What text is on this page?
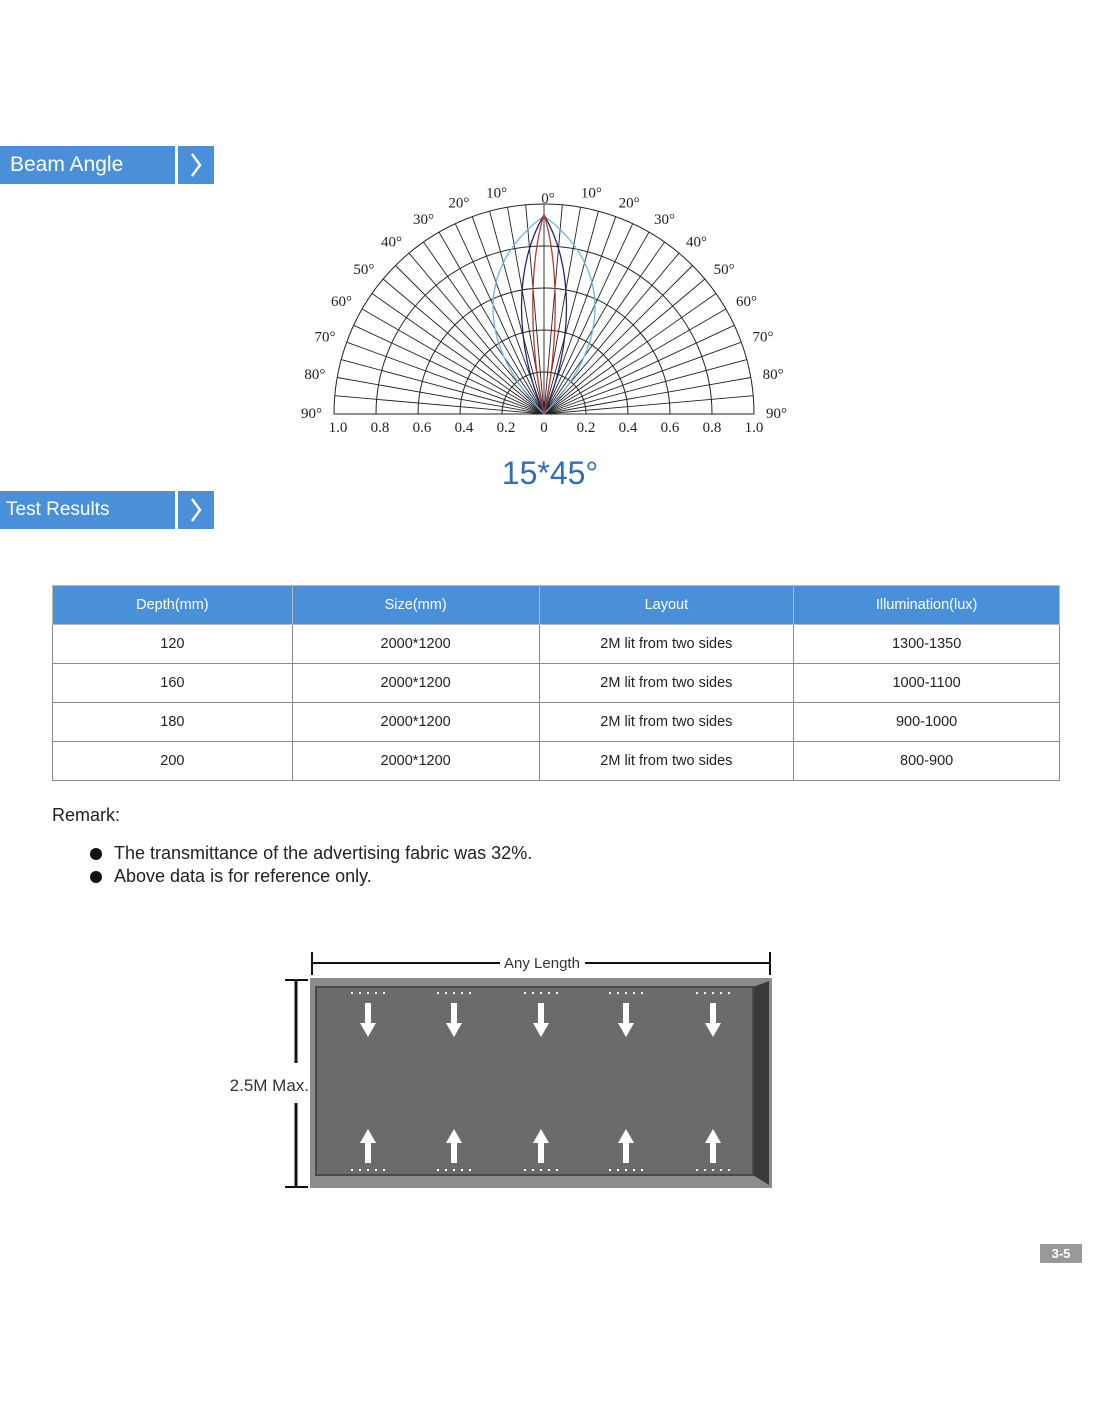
Beam Angle
0°
10°	10°
20°	20°
30°	30°
40°	40°
50°	50°
60°	60°
70°	70°
80°	80°
90°	90°
1.0 0.8 0.6 0.4 0.2 0 0.2 0.4 0.6 0.8 1.0
15*45°
Test Results
Depth(mm)	Size(mm)	Layout	Illumination(lux)
120	2000*1200	2M lit from two sides	1300-1350
160	2000*1200	2M lit from two sides	1000-1100
180	2000*1200	2M lit from two sides	900-1000
200	2000*1200	2M lit from two sides	800-900
Remark:
The transmittance of the advertising fabric was 32%.
Above data is for reference only.
Any Length
2.5M Max.
3-5
